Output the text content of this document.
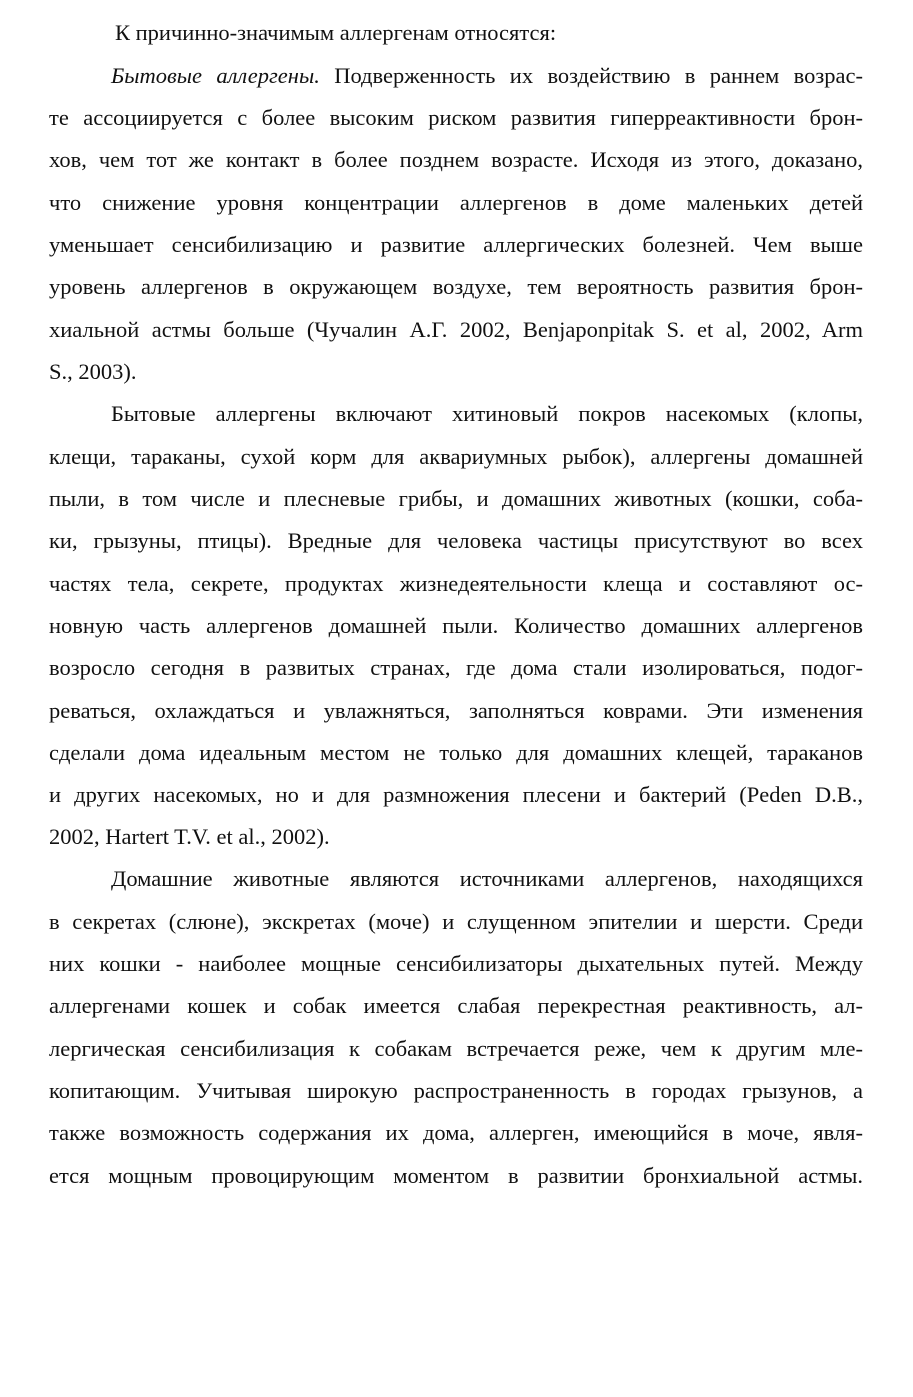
К причинно-значимым аллергенам относятся:
Бытовые аллергены. Подверженность их воздействию в раннем возрас-
те ассоциируется с более высоким риском развития гиперреактивности брон-
хов, чем тот же контакт в более позднем возрасте. Исходя из этого, доказано,
что снижение уровня концентрации аллергенов в доме маленьких детей
уменьшает сенсибилизацию и развитие аллергических болезней. Чем выше
уровень аллергенов в окружающем воздухе, тем вероятность развития брон-
хиальной астмы больше (Чучалин А.Г. 2002, Benjaponpitak S. et al, 2002, Arm
S., 2003).
Бытовые аллергены включают хитиновый покров насекомых (клопы,
клещи, тараканы, сухой корм для аквариумных рыбок), аллергены домашней
пыли, в том числе и плесневые грибы, и домашних животных (кошки, соба-
ки, грызуны, птицы). Вредные для человека частицы присутствуют во всех
частях тела, секрете, продуктах жизнедеятельности клеща и составляют ос-
новную часть аллергенов домашней пыли. Количество домашних аллергенов
возросло сегодня в развитых странах, где дома стали изолироваться, подог-
реваться, охлаждаться и увлажняться, заполняться коврами. Эти изменения
сделали дома идеальным местом не только для домашних клещей, тараканов
и других насекомых, но и для размножения плесени и бактерий (Peden D.B.,
2002, Hartert T.V. et al., 2002).
Домашние животные являются источниками аллергенов, находящихся
в секретах (слюне), экскретах (моче) и слущенном эпителии и шерсти. Среди
них кошки - наиболее мощные сенсибилизаторы дыхательных путей. Между
аллергенами кошек и собак имеется слабая перекрестная реактивность, ал-
лергическая сенсибилизация к собакам встречается реже, чем к другим мле-
копитающим. Учитывая широкую распространенность в городах грызунов, а
также возможность содержания их дома, аллерген, имеющийся в моче, явля-
ется мощным провоцирующим моментом в развитии бронхиальной астмы.
